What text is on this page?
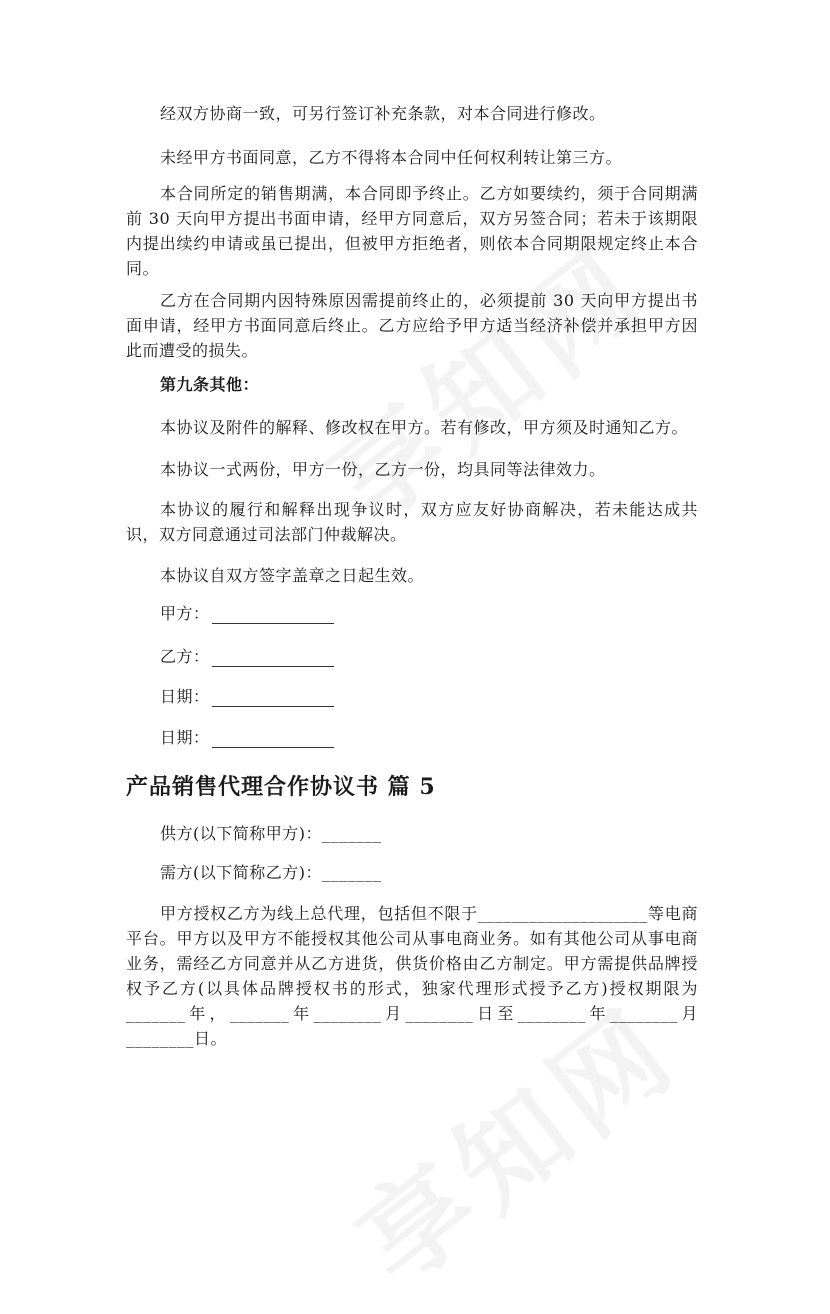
经双方协商一致，可另行签订补充条款，对本合同进行修改。

未经甲方书面同意，乙方不得将本合同中任何权利转让第三方。

本合同所定的销售期满，本合同即予终止。乙方如要续约，须于合同期满前 30 天向甲方提出书面申请，经甲方同意后，双方另签合同；若未于该期限内提出续约申请或虽已提出，但被甲方拒绝者，则依本合同期限规定终止本合同。

乙方在合同期内因特殊原因需提前终止的，必须提前 30 天向甲方提出书面申请，经甲方书面同意后终止。乙方应给予甲方适当经济补偿并承担甲方因此而遭受的损失。

第九条其他：

本协议及附件的解释、修改权在甲方。若有修改，甲方须及时通知乙方。

本协议一式两份，甲方一份，乙方一份，均具同等法律效力。

本协议的履行和解释出现争议时，双方应友好协商解决，若未能达成共识，双方同意通过司法部门仲裁解决。

本协议自双方签字盖章之日起生效。

甲方：
乙方：
日期：
日期：
产品销售代理合作协议书 篇 5

供方(以下简称甲方)：_______

需方(以下简称乙方)：_______

甲方授权乙方为线上总代理，包括但不限于____________________等电商平台。甲方以及甲方不能授权其他公司从事电商业务。如有其他公司从事电商业务，需经乙方同意并从乙方进货，供货价格由乙方制定。甲方需提供品牌授权予乙方(以具体品牌授权书的形式，独家代理形式授予乙方)授权期限为_______年，_______年________月________日至________年________月________日。
